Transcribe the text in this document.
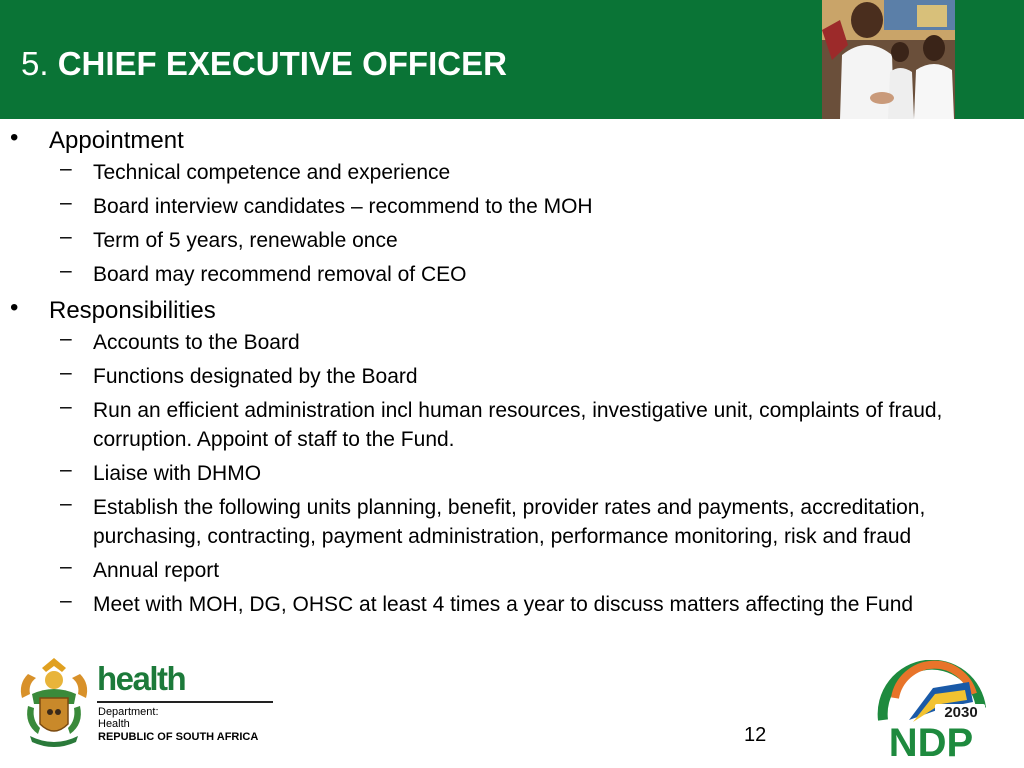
5. CHIEF EXECUTIVE OFFICER
• Appointment
– Technical competence and experience
– Board interview candidates – recommend to the MOH
– Term of 5 years, renewable once
– Board may recommend removal of CEO
• Responsibilities
– Accounts to the Board
– Functions designated by the Board
– Run an efficient administration incl human resources, investigative unit, complaints of fraud, corruption. Appoint of staff to the Fund.
– Liaise with DHMO
– Establish the following units planning, benefit, provider rates and payments, accreditation, purchasing, contracting, payment administration, performance monitoring, risk and fraud
– Annual report
– Meet with MOH, DG, OHSC at least 4 times a year to discuss matters affecting the Fund
health
Department:
Health
REPUBLIC OF SOUTH AFRICA	12
2030
NDP
